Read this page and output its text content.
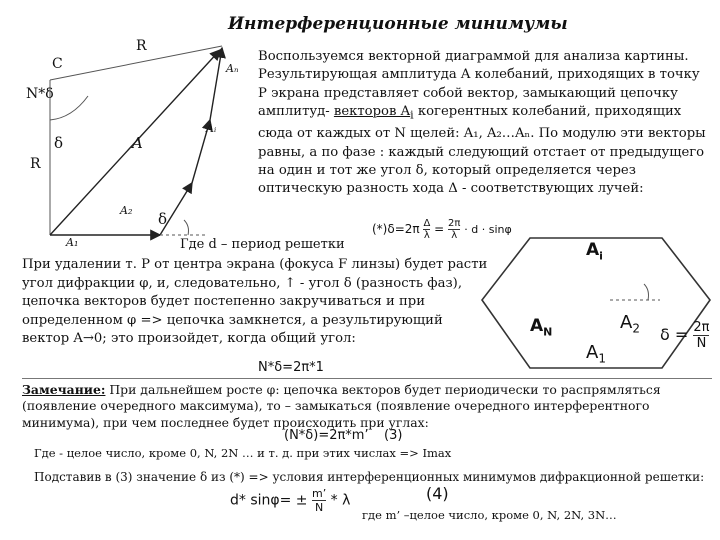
Интерференционные минимумы
Воспользуемся векторной диаграммой для анализа картины. Результирующая амплитуда A колебаний, приходящих в точку P экрана представляет собой вектор, замыкающий цепочку амплитуд- векторов $A_i$ когерентных колебаний, приходящих сюда от каждых от N щелей: A₁, A₂…Aₙ. По модулю эти векторы равны, а по фазе : каждый следующий отстает от предыдущего на один и тот же угол δ, который определяется через оптическую разность хода Δ - соответствующих лучей:
R
C
N*δ
δ
R
A
Aₙ
Aᵢ
A₂
A₁
δ
$(*)\delta=2\pi \frac{\Delta}{\lambda} = \frac{2\pi}{\lambda} \cdot d \cdot \sin\varphi$
Где d – период решетки
При удалении т. P от центра экрана (фокуса F линзы) будет расти угол дифракции φ, и, следовательно, ↑ - угол δ (разность фаз), цепочка векторов будет постепенно закручиваться и при определенном φ => цепочка замкнется, а результирующий вектор A→0; это произойдет, когда общий угол:
N*δ=2π*1
$A_i$
$A_N$	$A_2$
$A_1$
$\delta = \frac{2\pi}{N}$
Замечание: При дальнейшем росте φ: цепочка векторов будет периодически то распрямляться (появление очередного максимума), то – замыкаться (появление очередного интерферентного минимума), при чем последнее будет происходить при углах:
(N*δ)=2π*m’ (3)
Где - целое число, кроме 0, N, 2N … и т. д. при этих числах => Imax
Подставив в (3) значение δ из (*) => условия интерференционных минимумов дифракционной решетки:
d* $\sin\varphi= \pm \frac{m’}{N} * \lambda$	(4)
где m’ –целое число, кроме 0, N, 2N, 3N…
